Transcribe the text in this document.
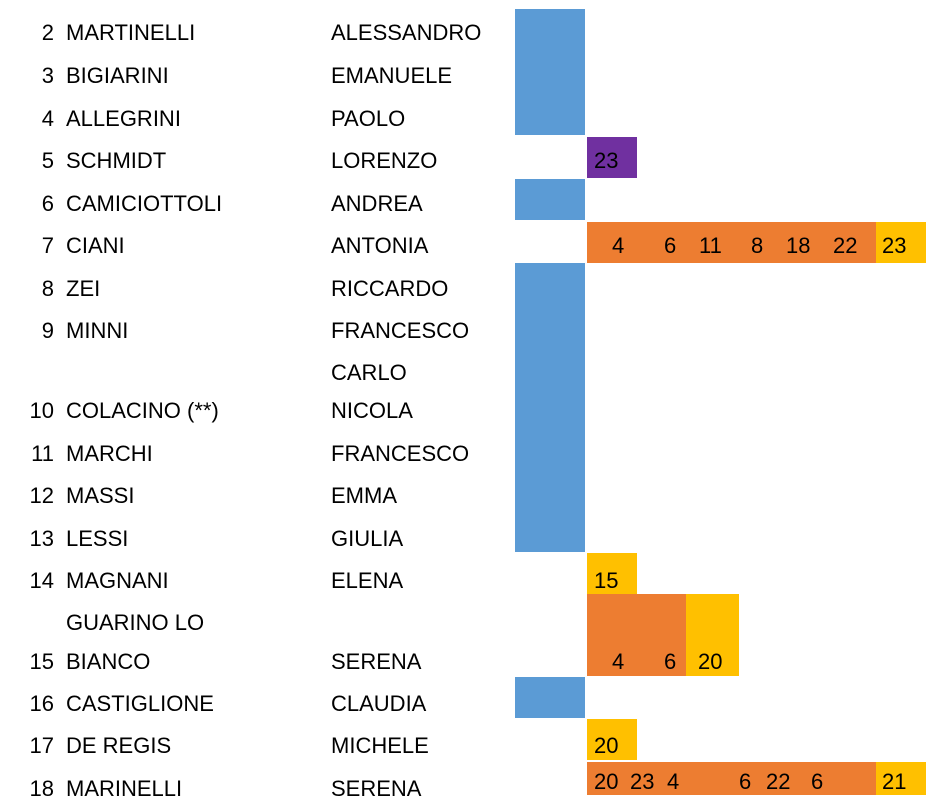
2
3
4
5
6
7
8
9
10
11
12
13
14
15
16
17
18
MARTINELLI
BIGIARINI
ALLEGRINI
SCHMIDT
CAMICIOTTOLI
CIANI
ZEI
MINNI
COLACINO (**)
MARCHI
MASSI
LESSI
MAGNANI
GUARINO LO
BIANCO
CASTIGLIONE
DE REGIS
MARINELLI
ALESSANDRO
EMANUELE
PAOLO
LORENZO
ANDREA
ANTONIA
RICCARDO
FRANCESCO
CARLO
NICOLA
FRANCESCO
EMMA
GIULIA
ELENA
SERENA
CLAUDIA
MICHELE
SERENA
23
4 6 11 8 18 22 23
15
4 6 20
20
20 23 4	6 22 6	21
